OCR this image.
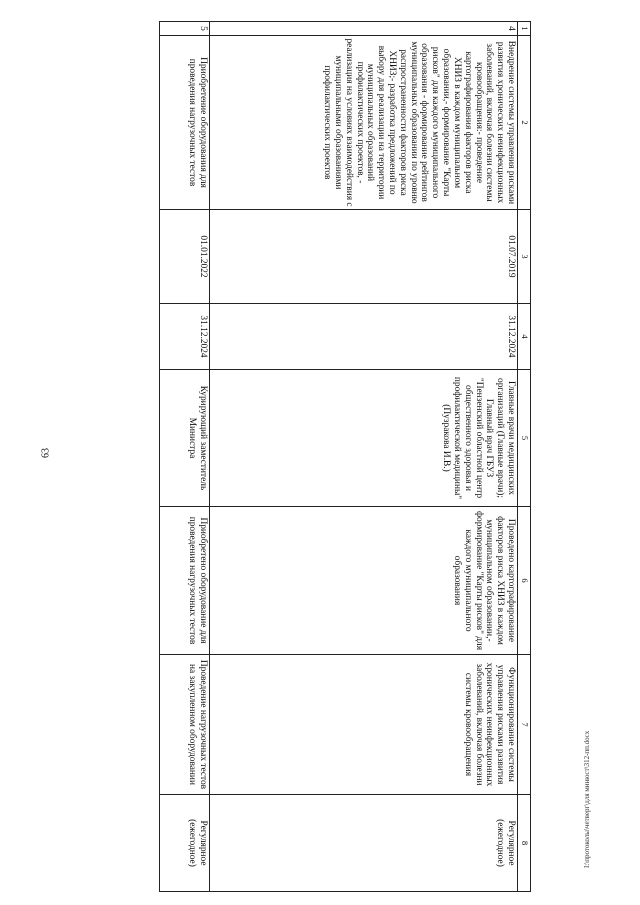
63
1	2	3	4	5	6	7	8
4	Внедрение системы управления рисками развития хронических неинфекционных заболеваний, включая болезни системы кровообращения:- проведение картографирования факторов риска ХНИЗ в каждом муниципальном образовании,- формирование "Карты рисков" для каждого муниципального образования - формирование рейтингов муниципальных образовании по уровню распространенности факторов риска ХНИЗ;- разработка предложений по выбору для реализации на территории муниципальных образований профилактических проектов, - реализация на условиях взаимодействия с муниципальными образованиями профилактических проектов	01.07.2019	31.12.2024	Главные врачи медицинских организаций (Главные врачи); Главный врач ГБУЗ "Пензенский областной центр общественного здоровья и профилактической медицины" (Пузракова И.В.)	Проведено картографирование факторов риска ХНИЗ в каждом муниципальном образовании,- формирование "Карты рисков" для каждого муниципального образования	Функционирование системы управления рисками развития хронических неинфекционных заболеваний, включая болезни системы кровообращения	Регулярное (ежегодное)
5	Приобретение оборудования для проведения нагрузочных тестов	01.01.2022	31.12.2024	Курирующий заместитель Министра	Приобретено оборудование для проведения нагрузочных тестов	Проведение нагрузочных тестов на закупленном оборудовании	Регулярное (ежегодное)	I:\протоколы\четверг\для минюст\312-пп.docx
